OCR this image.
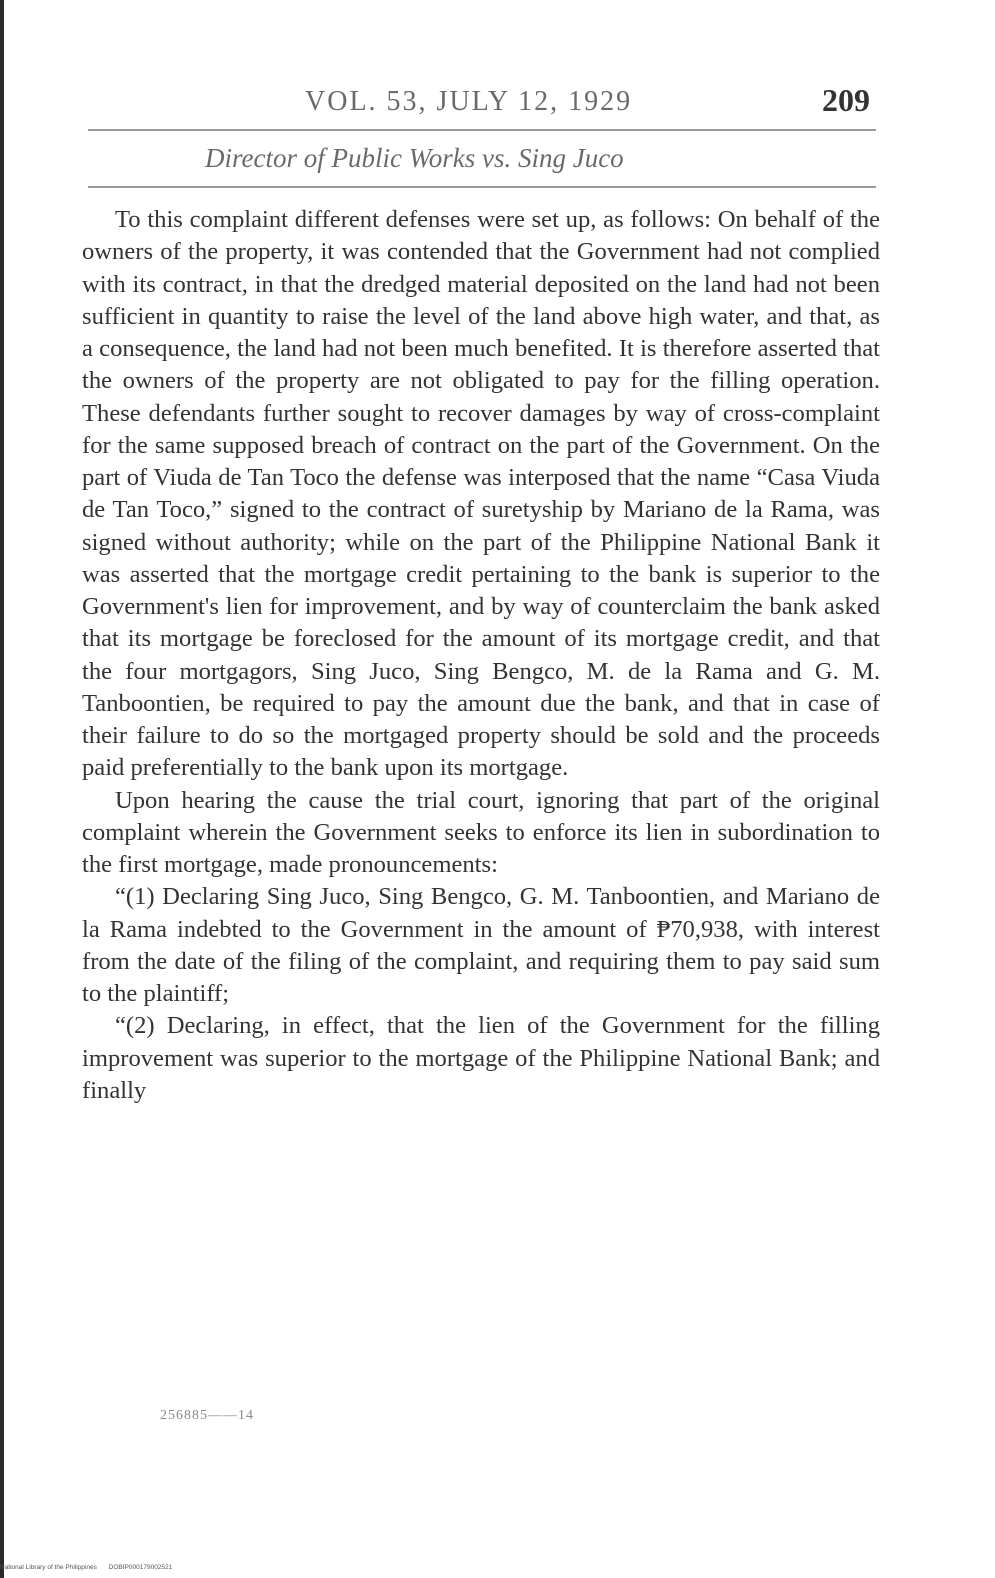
VOL. 53, JULY 12, 1929	209
Director of Public Works vs. Sing Juco

To this complaint different defenses were set up, as follows: On behalf of the owners of the property, it was contended that the Government had not complied with its contract, in that the dredged material deposited on the land had not been sufficient in quantity to raise the level of the land above high water, and that, as a consequence, the land had not been much benefited. It is therefore asserted that the owners of the property are not obligated to pay for the filling operation. These defendants further sought to recover damages by way of cross-complaint for the same supposed breach of contract on the part of the Government. On the part of Viuda de Tan Toco the defense was interposed that the name “Casa Viuda de Tan Toco,” signed to the contract of suretyship by Mariano de la Rama, was signed without authority; while on the part of the Philippine National Bank it was asserted that the mortgage credit pertaining to the bank is superior to the Government's lien for improvement, and by way of counterclaim the bank asked that its mortgage be foreclosed for the amount of its mortgage credit, and that the four mortgagors, Sing Juco, Sing Bengco, M. de la Rama and G. M. Tanboontien, be required to pay the amount due the bank, and that in case of their failure to do so the mortgaged property should be sold and the proceeds paid preferentially to the bank upon its mortgage.

Upon hearing the cause the trial court, ignoring that part of the original complaint wherein the Government seeks to enforce its lien in subordination to the first mortgage, made pronouncements:

“(1) Declaring Sing Juco, Sing Bengco, G. M. Tanboontien, and Mariano de la Rama indebted to the Government in the amount of ₱70,938, with interest from the date of the filing of the complaint, and requiring them to pay said sum to the plaintiff;

“(2) Declaring, in effect, that the lien of the Government for the filling improvement was superior to the mortgage of the Philippine National Bank; and finally

256885——14
National Library of the Philippines DOBIP000179002521
